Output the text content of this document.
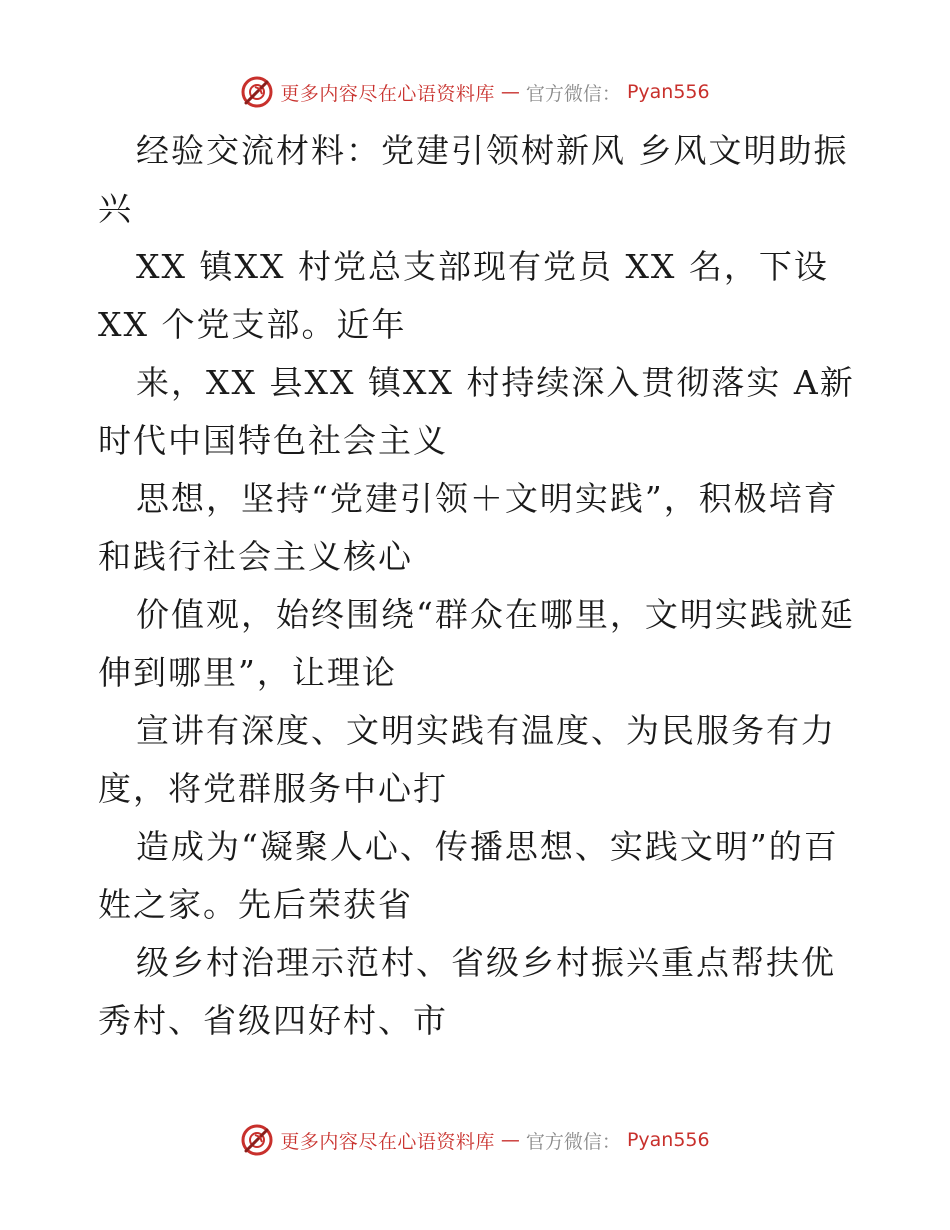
更多内容尽在心语资料库 — 官方微信： Pyan556

经验交流材料：党建引领树新风 乡风文明助振兴

XX 镇XX 村党总支部现有党员 XX 名，下设 XX 个党支部。近年

来，XX 县XX 镇XX 村持续深入贯彻落实 A新时代中国特色社会主义

思想，坚持“党建引领＋文明实践”，积极培育和践行社会主义核心

价值观，始终围绕“群众在哪里，文明实践就延伸到哪里”，让理论

宣讲有深度、文明实践有温度、为民服务有力度，将党群服务中心打

造成为“凝聚人心、传播思想、实践文明”的百姓之家。先后荣获省

级乡村治理示范村、省级乡村振兴重点帮扶优秀村、省级四好村、市

更多内容尽在心语资料库 — 官方微信： Pyan556
